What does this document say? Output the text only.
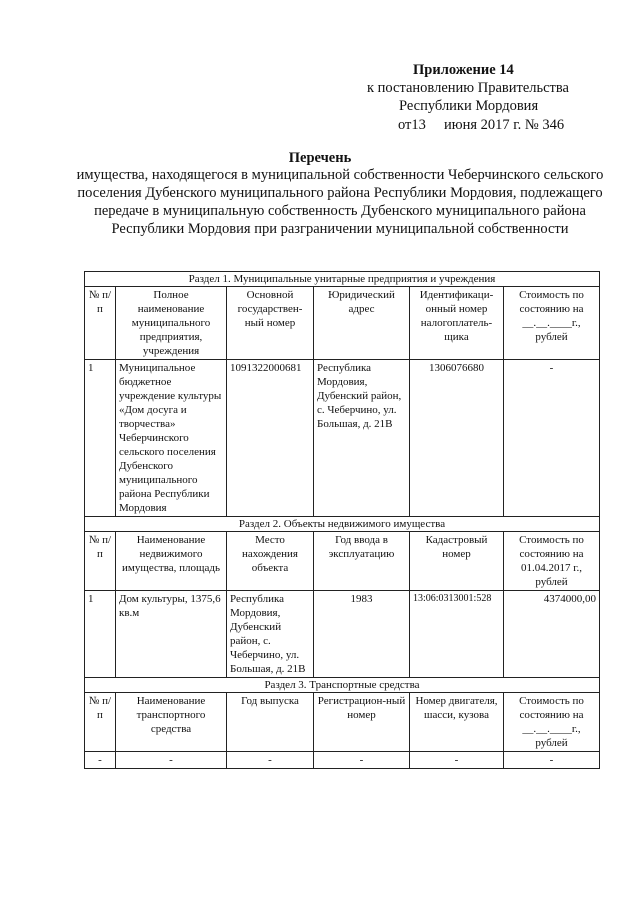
Приложение 14
к постановлению Правительства
Республики Мордовия
от13     июня 2017 г. № 346
Перечень
имущества, находящегося в муниципальной собственности Чеберчинского сельского поселения Дубенского муниципального района Республики Мордовия, подлежащего передаче в муниципальную собственность Дубенского муниципального района Республики Мордовия при разграничении муниципальной собственности
Раздел 1. Муниципальные унитарные предприятия и учреждения					
№ п/п	Полное наименование муниципального предприятия, учреждения	Основной государствен-ный номер	Юридический адрес	Идентификаци-онный номер налогоплатель-щика	Стоимость по состоянию на __.__.____г., рублей
1	Муниципальное бюджетное учреждение культуры «Дом досуга и творчества» Чеберчинского сельского поселения Дубенского муниципального района Республики Мордовия	1091322000681	Республика Мордовия, Дубенский район, с. Чеберчино, ул. Большая, д. 21В	1306076680	-
Раздел 2. Объекты недвижимого имущества					
№ п/п	Наименование недвижимого имущества, площадь	Место нахождения объекта	Год ввода в эксплуатацию	Кадастровый номер	Стоимость по состоянию на 01.04.2017 г., рублей
1	Дом культуры, 1375,6 кв.м	Республика Мордовия, Дубенский район, с. Чеберчино, ул. Большая, д. 21В	1983	13:06:0313001:528	4374000,00
Раздел 3. Транспортные средства					
№ п/п	Наименование транспортного средства	Год выпуска	Регистрацион-ный номер	Номер двигателя, шасси, кузова	Стоимость по состоянию на __.__.____г., рублей
-	-	-	-	-	-
